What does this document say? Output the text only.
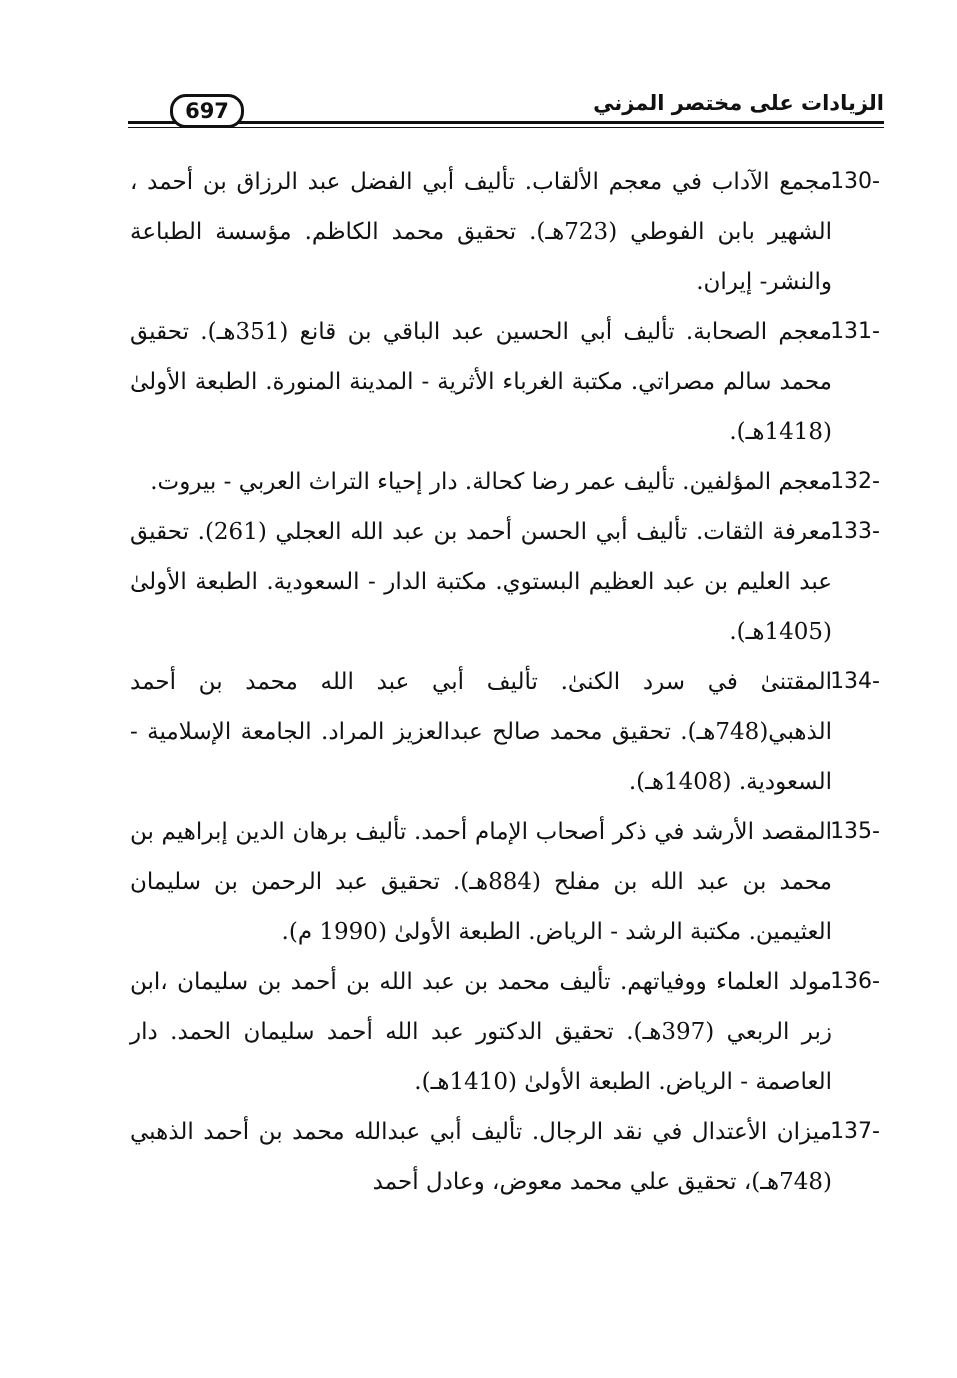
الزيادات على مختصر المزني
697

130-
مجمع الآداب في معجم الألقاب. تأليف أبي الفضل عبد الرزاق بن أحمد ، الشهير بابن الفوطي (723هـ). تحقيق محمد الكاظم. مؤسسة الطباعة والنشر- إيران.

131-
معجم الصحابة. تأليف أبي الحسين عبد الباقي بن قانع (351هـ). تحقيق محمد سالم مصراتي. مكتبة الغرباء الأثرية - المدينة المنورة. الطبعة الأولىٰ (1418هـ).

132-
معجم المؤلفين. تأليف عمر رضا كحالة. دار إحياء التراث العربي - بيروت.

133-
معرفة الثقات. تأليف أبي الحسن أحمد بن عبد الله العجلي (261). تحقيق عبد العليم بن عبد العظيم البستوي. مكتبة الدار - السعودية. الطبعة الأولىٰ (1405هـ).

134-
المقتنىٰ في سرد الكنىٰ. تأليف أبي عبد الله محمد بن أحمد الذهبي(748هـ). تحقيق محمد صالح عبدالعزيز المراد. الجامعة الإسلامية - السعودية. (1408هـ).

135-
المقصد الأرشد في ذكر أصحاب الإمام أحمد. تأليف برهان الدين إبراهيم بن محمد بن عبد الله بن مفلح (884هـ). تحقيق عبد الرحمن بن سليمان العثيمين. مكتبة الرشد - الرياض. الطبعة الأولىٰ (1990 م).

136-
مولد العلماء ووفياتهم. تأليف محمد بن عبد الله بن أحمد بن سليمان ،ابن زبر الربعي (397هـ). تحقيق الدكتور عبد الله أحمد سليمان الحمد. دار العاصمة - الرياض. الطبعة الأولىٰ (1410هـ).

137-
ميزان الأعتدال في نقد الرجال. تأليف أبي عبدالله محمد بن أحمد الذهبي (748هـ)، تحقيق علي محمد معوض، وعادل أحمد
